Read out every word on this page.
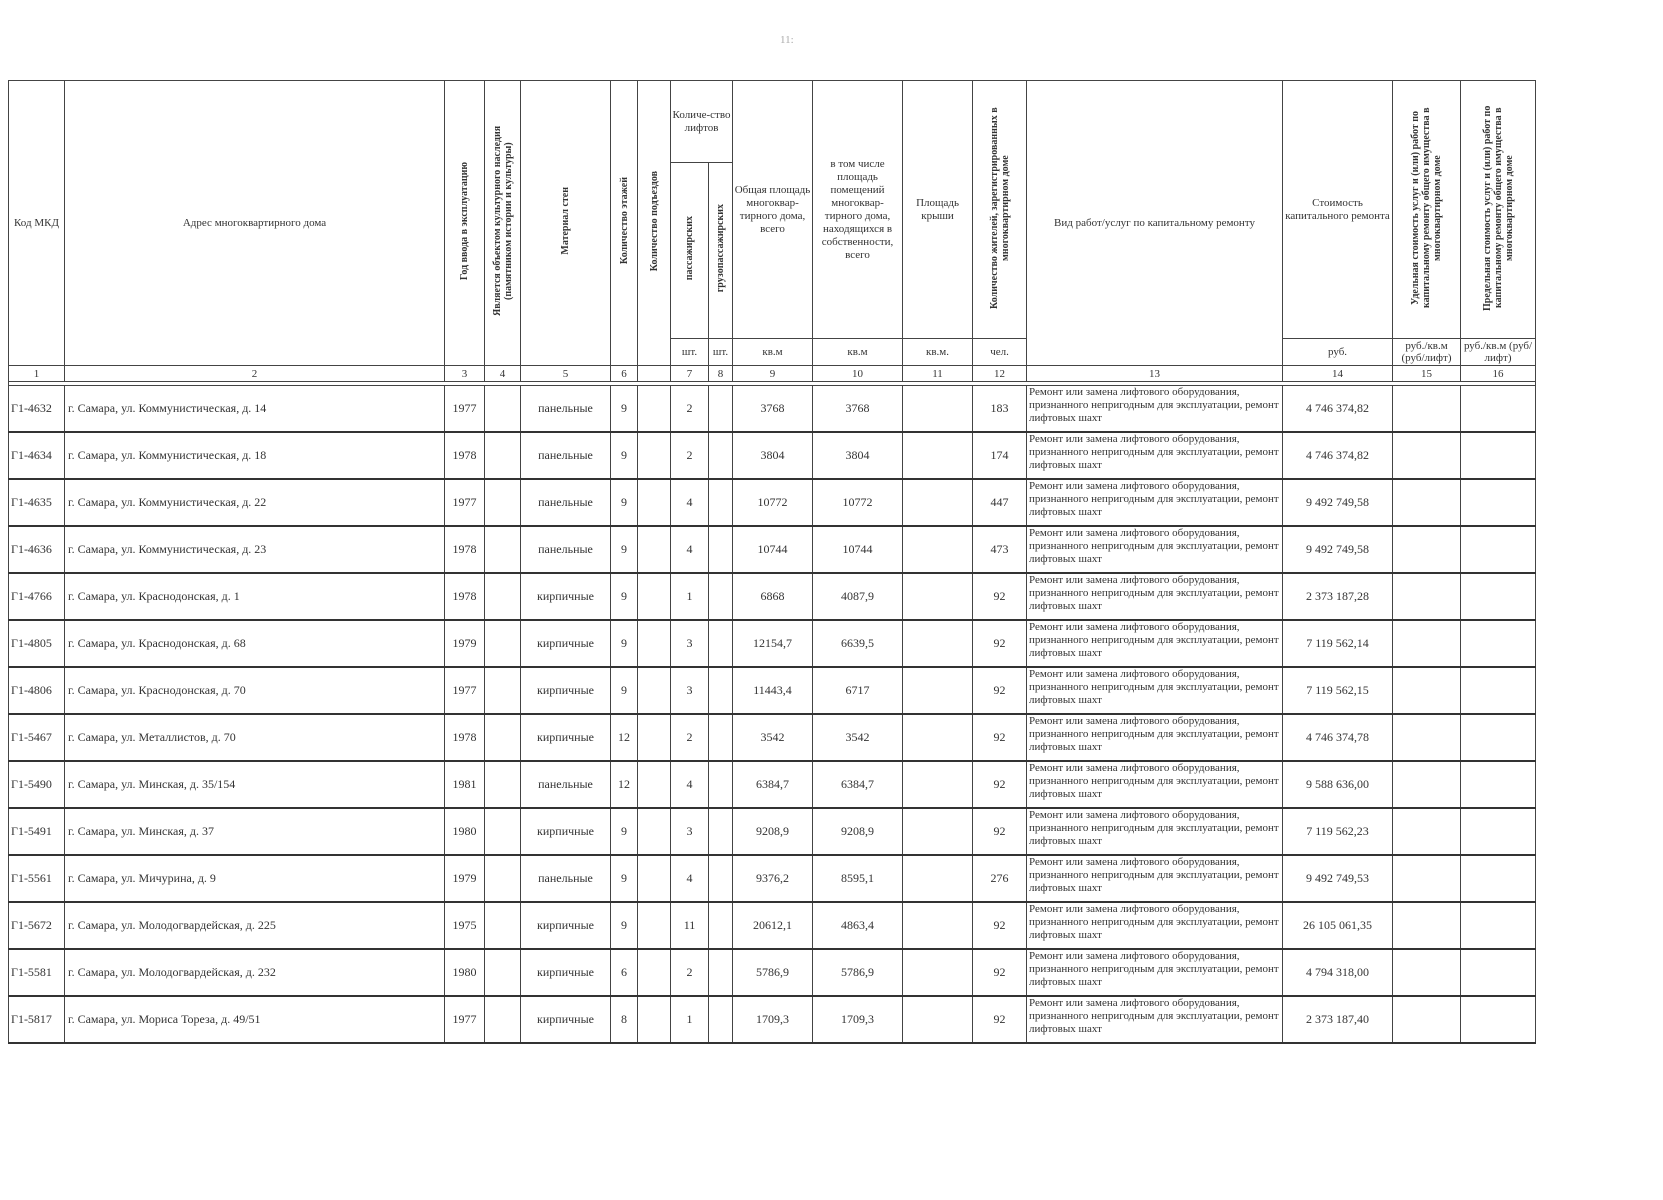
11:
Код МКД	Адрес многоквартирного дома	Год ввода в эксплуатацию	Является объектом культурного наследия (памятником истории и культуры)	Материал стен	Количество этажей	Количество подъездов	Количе-ство лифтов		Общая площадь многоквар-тирного дома, всего	в том числе площадь помещений многоквар-тирного дома, находящихся в собственности, всего	Площадь крыши	Количество жителей, зарегистрированных в многоквартирном доме	Вид работ/услуг по капитальному ремонту	Стоимость капитального ремонта	Удельная стоимость услуг и (или) работ по капитальному ремонту общего имущества в многоквартирном доме	Предельная стоимость услуг и (или) работ по капитальному ремонту общего имущества в многоквартирном доме
							пассажирских	грузопассажирских								
							шт.	шт.	кв.м	кв.м	кв.м.	чел.		руб.	руб./кв.м (руб/лифт)	руб./кв.м (руб/лифт)
1	2	3	4	5	6		7	8	9	10	11	12	13	14	15	16

Г1-4632	г. Самара, ул. Коммунистическая, д. 14	1977		панельные	9		2		3768	3768		183	Ремонт или замена лифтового оборудования, признанного непригодным для эксплуатации, ремонт лифтовых шахт	4 746 374,82		
Г1-4634	г. Самара, ул. Коммунистическая, д. 18	1978		панельные	9		2		3804	3804		174	Ремонт или замена лифтового оборудования, признанного непригодным для эксплуатации, ремонт лифтовых шахт	4 746 374,82		
Г1-4635	г. Самара, ул. Коммунистическая, д. 22	1977		панельные	9		4		10772	10772		447	Ремонт или замена лифтового оборудования, признанного непригодным для эксплуатации, ремонт лифтовых шахт	9 492 749,58		
Г1-4636	г. Самара, ул. Коммунистическая, д. 23	1978		панельные	9		4		10744	10744		473	Ремонт или замена лифтового оборудования, признанного непригодным для эксплуатации, ремонт лифтовых шахт	9 492 749,58		
Г1-4766	г. Самара, ул. Краснодонская, д. 1	1978		кирпичные	9		1		6868	4087,9		92	Ремонт или замена лифтового оборудования, признанного непригодным для эксплуатации, ремонт лифтовых шахт	2 373 187,28		
Г1-4805	г. Самара, ул. Краснодонская, д. 68	1979		кирпичные	9		3		12154,7	6639,5		92	Ремонт или замена лифтового оборудования, признанного непригодным для эксплуатации, ремонт лифтовых шахт	7 119 562,14		
Г1-4806	г. Самара, ул. Краснодонская, д. 70	1977		кирпичные	9		3		11443,4	6717		92	Ремонт или замена лифтового оборудования, признанного непригодным для эксплуатации, ремонт лифтовых шахт	7 119 562,15		
Г1-5467	г. Самара, ул. Металлистов, д. 70	1978		кирпичные	12		2		3542	3542		92	Ремонт или замена лифтового оборудования, признанного непригодным для эксплуатации, ремонт лифтовых шахт	4 746 374,78		
Г1-5490	г. Самара, ул. Минская, д. 35/154	1981		панельные	12		4		6384,7	6384,7		92	Ремонт или замена лифтового оборудования, признанного непригодным для эксплуатации, ремонт лифтовых шахт	9 588 636,00		
Г1-5491	г. Самара, ул. Минская, д. 37	1980		кирпичные	9		3		9208,9	9208,9		92	Ремонт или замена лифтового оборудования, признанного непригодным для эксплуатации, ремонт лифтовых шахт	7 119 562,23		
Г1-5561	г. Самара, ул. Мичурина, д. 9	1979		панельные	9		4		9376,2	8595,1		276	Ремонт или замена лифтового оборудования, признанного непригодным для эксплуатации, ремонт лифтовых шахт	9 492 749,53		
Г1-5672	г. Самара, ул. Молодогвардейская, д. 225	1975		кирпичные	9		11		20612,1	4863,4		92	Ремонт или замена лифтового оборудования, признанного непригодным для эксплуатации, ремонт лифтовых шахт	26 105 061,35		
Г1-5581	г. Самара, ул. Молодогвардейская, д. 232	1980		кирпичные	6		2		5786,9	5786,9		92	Ремонт или замена лифтового оборудования, признанного непригодным для эксплуатации, ремонт лифтовых шахт	4 794 318,00		
Г1-5817	г. Самара, ул. Мориса Тореза, д. 49/51	1977		кирпичные	8		1		1709,3	1709,3		92	Ремонт или замена лифтового оборудования, признанного непригодным для эксплуатации, ремонт лифтовых шахт	2 373 187,40		
